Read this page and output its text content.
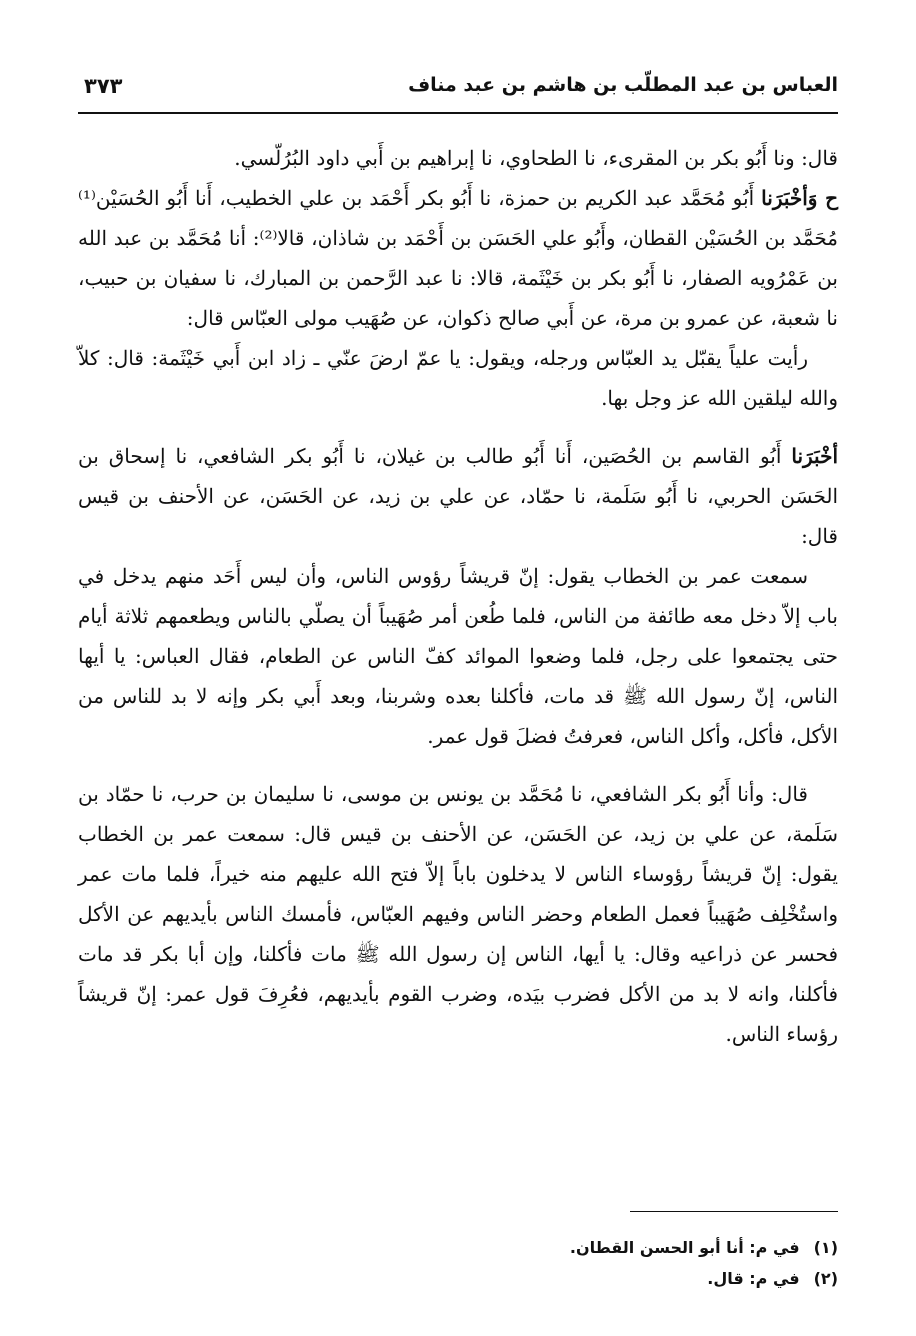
العباس بن عبد المطلّب بن هاشم بن عبد مناف
٣٧٣

قال: ونا أَبُو بكر بن المقرىء، نا الطحاوي، نا إبراهيم بن أَبي داود البُرُلّسي.

ح وَأخْبَرَنا أَبُو مُحَمَّد عبد الكريم بن حمزة، نا أَبُو بكر أَحْمَد بن علي الخطيب، أَنا أَبُو الحُسَيْن⁽¹⁾ مُحَمَّد بن الحُسَيْن القطان، وأَبُو علي الحَسَن بن أَحْمَد بن شاذان، قالا⁽²⁾: أنا مُحَمَّد بن عبد الله بن عَمْرُويه الصفار، نا أَبُو بكر بن خَيْثَمة، قالا: نا عبد الرَّحمن بن المبارك، نا سفيان بن حبيب، نا شعبة، عن عمرو بن مرة، عن أَبي صالح ذكوان، عن صُهَيب مولى العبّاس قال:

رأيت علياً يقبّل يد العبّاس ورجله، ويقول: يا عمّ ارضَ عنّي ـ زاد ابن أَبي خَيْثَمة: قال: كلاّ والله ليلقين الله عز وجل بها.

أخْبَرَنا أَبُو القاسم بن الحُصَين، أَنا أَبُو طالب بن غيلان، نا أَبُو بكر الشافعي، نا إسحاق بن الحَسَن الحربي، نا أَبُو سَلَمة، نا حمّاد، عن علي بن زيد، عن الحَسَن، عن الأحنف بن قيس قال:

سمعت عمر بن الخطاب يقول: إنّ قريشاً رؤوس الناس، وأن ليس أَحَد منهم يدخل في باب إلاّ دخل معه طائفة من الناس، فلما طُعن أمر صُهَيباً أن يصلّي بالناس ويطعمهم ثلاثة أيام حتى يجتمعوا على رجل، فلما وضعوا الموائد كفّ الناس عن الطعام، فقال العباس: يا أيها الناس، إنّ رسول الله ﷺ قد مات، فأكلنا بعده وشربنا، وبعد أَبي بكر وإنه لا بد للناس من الأكل، فأكل، وأكل الناس، فعرفتُ فضلَ قول عمر.

قال: وأنا أَبُو بكر الشافعي، نا مُحَمَّد بن يونس بن موسى، نا سليمان بن حرب، نا حمّاد بن سَلَمة، عن علي بن زيد، عن الحَسَن، عن الأحنف بن قيس قال: سمعت عمر بن الخطاب يقول: إنّ قريشاً رؤوساء الناس لا يدخلون باباً إلاّ فتح الله عليهم منه خيراً، فلما مات عمر واستُخْلِف صُهَيباً فعمل الطعام وحضر الناس وفيهم العبّاس، فأمسك الناس بأيديهم عن الأكل فحسر عن ذراعيه وقال: يا أيها، الناس إن رسول الله ﷺ مات فأكلنا، وإن أبا بكر قد مات فأكلنا، وانه لا بد من الأكل فضرب بيَده، وضرب القوم بأيديهم، فعُرِفَ قول عمر: إنّ قريشاً رؤساء الناس.

(١)في م: أنا أبو الحسن القطان.
(٢)في م: قال.
